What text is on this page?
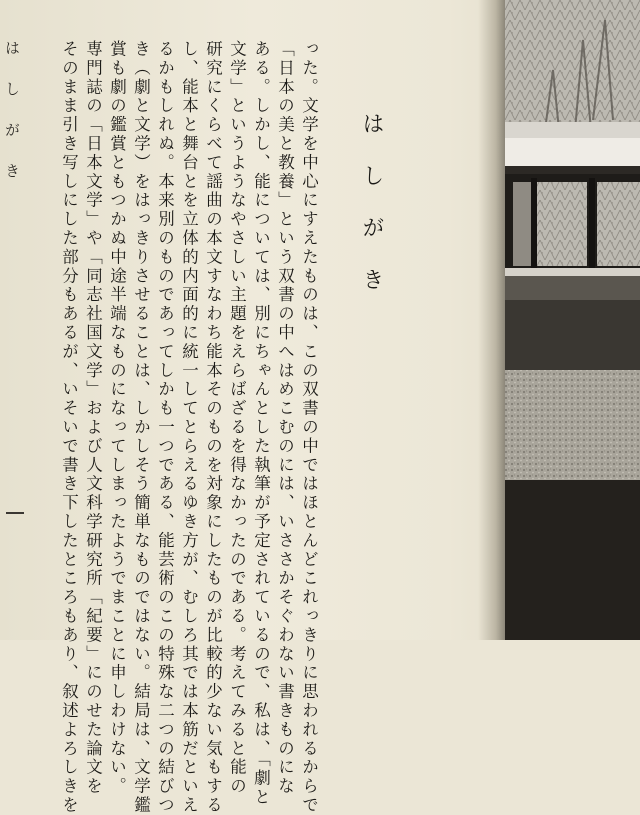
はしがき
った。文学を中心にすえたものは、この双書の中ではほとんどこれっきりに思われるからで
「日本の美と教養」という双書の中へはめこむのには、いささかそぐわない書きものにな
ある。しかし、能については、別にちゃんとした執筆が予定されているので、私は、「劇と
文学」というようなやさしい主題をえらばざるを得なかったのである。考えてみると能の
研究にくらべて謡曲の本文すなわち能本そのものを対象にしたものが比較的少ない気もする
し、能本と舞台とを立体的内面的に統一してとらえるゆき方が、むしろ其では本筋だといえ
るかもしれぬ。本来別のものであってしかも一つである、能芸術のこの特殊な二つの結びつ
き（劇と文学）をはっきりさせることは、しかしそう簡単なものではない。結局は、文学鑑
賞も劇の鑑賞ともつかぬ中途半端なものになってしまったようでまことに申しわけない。
専門誌の「日本文学」や「同志社国文学」および人文科学研究所「紀要」にのせた論文を
そのまま引き写しにした部分もあるが、いそいで書き下したところもあり、叙述よろしきを
はしがき
